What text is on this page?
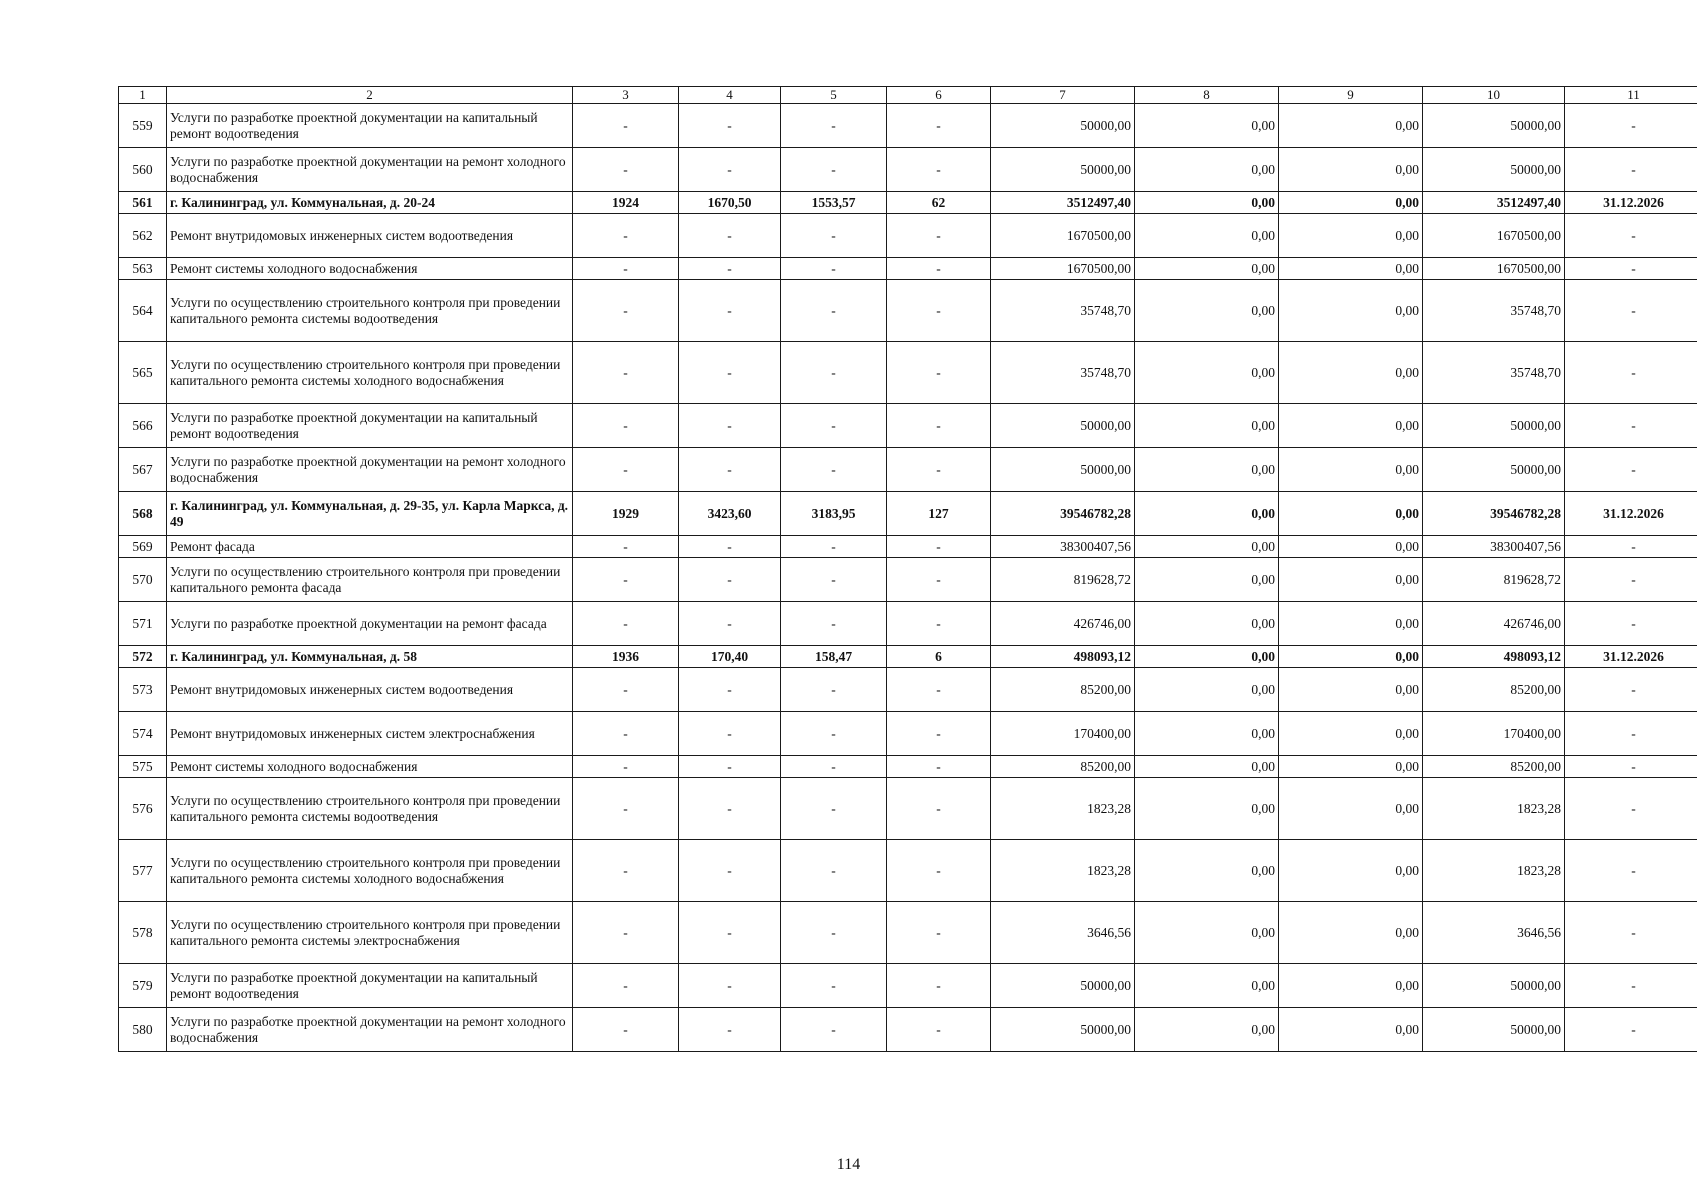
1	2	3	4	5	6	7	8	9	10	11
559	Услуги по разработке проектной документации на капитальный ремонт водоотведения	-	-	-	-	50000,00	0,00	0,00	50000,00	-
560	Услуги по разработке проектной документации на ремонт холодного водоснабжения	-	-	-	-	50000,00	0,00	0,00	50000,00	-
561	г. Калининград, ул. Коммунальная, д. 20-24	1924	1670,50	1553,57	62	3512497,40	0,00	0,00	3512497,40	31.12.2026
562	Ремонт внутридомовых инженерных систем водоотведения	-	-	-	-	1670500,00	0,00	0,00	1670500,00	-
563	Ремонт системы холодного водоснабжения	-	-	-	-	1670500,00	0,00	0,00	1670500,00	-
564	Услуги по осуществлению строительного контроля при проведении капитального ремонта системы водоотведения	-	-	-	-	35748,70	0,00	0,00	35748,70	-
565	Услуги по осуществлению строительного контроля при проведении капитального ремонта системы холодного водоснабжения	-	-	-	-	35748,70	0,00	0,00	35748,70	-
566	Услуги по разработке проектной документации на капитальный ремонт водоотведения	-	-	-	-	50000,00	0,00	0,00	50000,00	-
567	Услуги по разработке проектной документации на ремонт холодного водоснабжения	-	-	-	-	50000,00	0,00	0,00	50000,00	-
568	г. Калининград, ул. Коммунальная, д. 29-35, ул. Карла Маркса, д. 49	1929	3423,60	3183,95	127	39546782,28	0,00	0,00	39546782,28	31.12.2026
569	Ремонт фасада	-	-	-	-	38300407,56	0,00	0,00	38300407,56	-
570	Услуги по осуществлению строительного контроля при проведении капитального ремонта фасада	-	-	-	-	819628,72	0,00	0,00	819628,72	-
571	Услуги по разработке проектной документации на ремонт фасада	-	-	-	-	426746,00	0,00	0,00	426746,00	-
572	г. Калининград, ул. Коммунальная, д. 58	1936	170,40	158,47	6	498093,12	0,00	0,00	498093,12	31.12.2026
573	Ремонт внутридомовых инженерных систем водоотведения	-	-	-	-	85200,00	0,00	0,00	85200,00	-
574	Ремонт внутридомовых инженерных систем электроснабжения	-	-	-	-	170400,00	0,00	0,00	170400,00	-
575	Ремонт системы холодного водоснабжения	-	-	-	-	85200,00	0,00	0,00	85200,00	-
576	Услуги по осуществлению строительного контроля при проведении капитального ремонта системы водоотведения	-	-	-	-	1823,28	0,00	0,00	1823,28	-
577	Услуги по осуществлению строительного контроля при проведении капитального ремонта системы холодного водоснабжения	-	-	-	-	1823,28	0,00	0,00	1823,28	-
578	Услуги по осуществлению строительного контроля при проведении капитального ремонта системы электроснабжения	-	-	-	-	3646,56	0,00	0,00	3646,56	-
579	Услуги по разработке проектной документации на капитальный ремонт водоотведения	-	-	-	-	50000,00	0,00	0,00	50000,00	-
580	Услуги по разработке проектной документации на ремонт холодного водоснабжения	-	-	-	-	50000,00	0,00	0,00	50000,00	-
114
